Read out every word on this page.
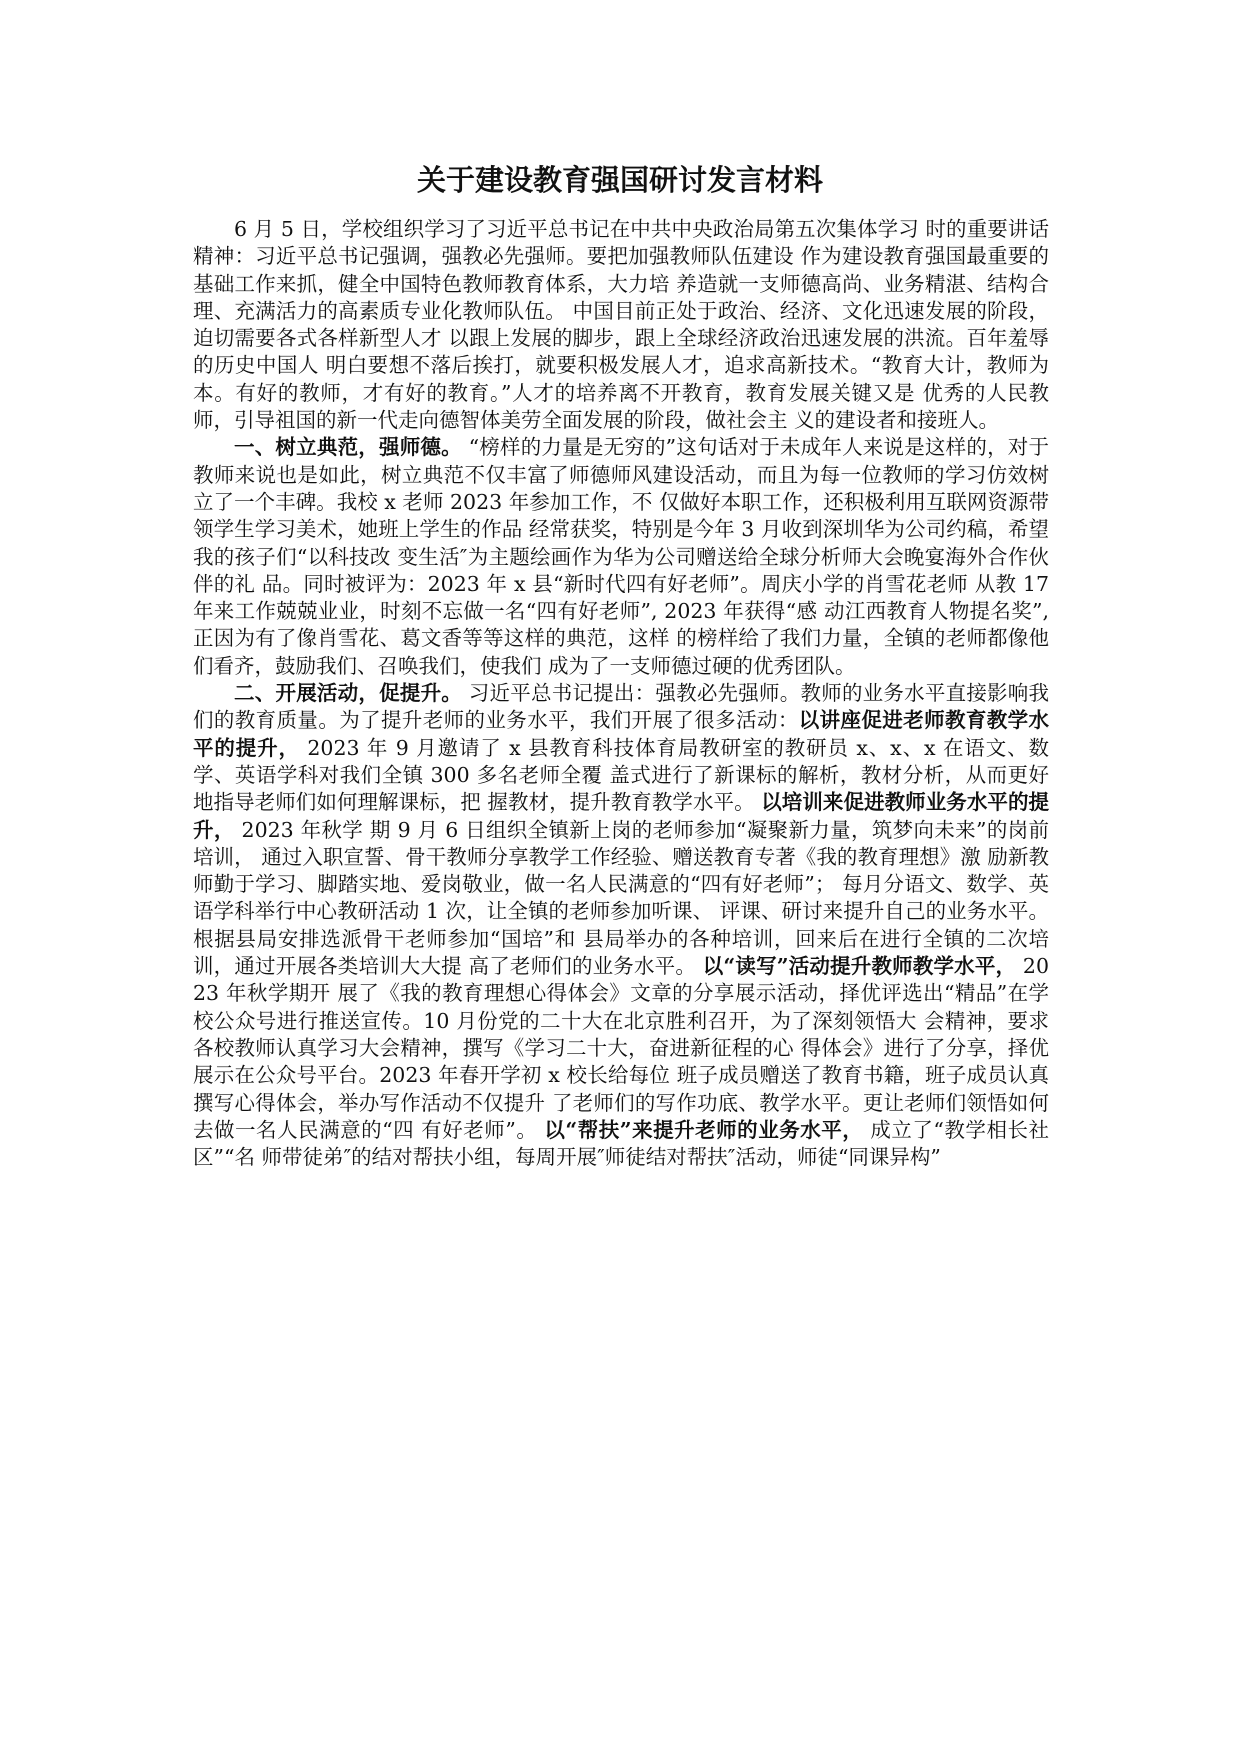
关于建设教育强国研讨发言材料

6 月 5 日，学校组织学习了习近平总书记在中共中央政治局第五次集体学习 时的重要讲话精神：习近平总书记强调，强教必先强师。要把加强教师队伍建设 作为建设教育强国最重要的基础工作来抓，健全中国特色教师教育体系，大力培 养造就一支师德高尚、业务精湛、结构合理、充满活力的高素质专业化教师队伍。 中国目前正处于政治、经济、文化迅速发展的阶段，迫切需要各式各样新型人才 以跟上发展的脚步，跟上全球经济政治迅速发展的洪流。百年羞辱的历史中国人 明白要想不落后挨打，就要积极发展人才，追求高新技术。“教育大计，教师为 本。有好的教师，才有好的教育。”人才的培养离不开教育，教育发展关键又是 优秀的人民教师，引导祖国的新一代走向德智体美劳全面发展的阶段，做社会主 义的建设者和接班人。

一、树立典范，强师德。 “榜样的力量是无穷的”这句话对于未成年人来说是这样的，对于教师来说也是如此，树立典范不仅丰富了师德师风建设活动，而且为每一位教师的学习仿效树立了一个丰碑。我校 x 老师 2023 年参加工作，不 仅做好本职工作，还积极利用互联网资源带领学生学习美术，她班上学生的作品 经常获奖，特别是今年 3 月收到深圳华为公司约稿，希望我的孩子们“以科技改 变生活″为主题绘画作为华为公司赠送给全球分析师大会晚宴海外合作伙伴的礼 品。同时被评为：2023 年 x 县“新时代四有好老师”。周庆小学的肖雪花老师 从教 17 年来工作兢兢业业，时刻不忘做一名“四有好老师”, 2023 年获得“感 动江西教育人物提名奖”, 正因为有了像肖雪花、葛文香等等这样的典范，这样 的榜样给了我们力量，全镇的老师都像他们看齐，鼓励我们、召唤我们，使我们 成为了一支师德过硬的优秀团队。

二、开展活动，促提升。 习近平总书记提出：强教必先强师。教师的业务水平直接影响我们的教育质量。为了提升老师的业务水平，我们开展了很多活动：以讲座促进老师教育教学水平的提升， 2023 年 9 月邀请了 x 县教育科技体育局教研室的教研员 x、x、x 在语文、数学、英语学科对我们全镇 300 多名老师全覆 盖式进行了新课标的解析，教材分析，从而更好地指导老师们如何理解课标，把 握教材，提升教育教学水平。 以培训来促进教师业务水平的提升， 2023 年秋学 期 9 月 6 日组织全镇新上岗的老师参加“凝聚新力量，筑梦向未来”的岗前培训， 通过入职宣誓、骨干教师分享教学工作经验、赠送教育专著《我的教育理想》激 励新教师勤于学习、脚踏实地、爱岗敬业，做一名人民满意的“四有好老师”； 每月分语文、数学、英语学科举行中心教研活动 1 次，让全镇的老师参加听课、 评课、研讨来提升自己的业务水平。根据县局安排选派骨干老师参加“国培”和 县局举办的各种培训，回来后在进行全镇的二次培训，通过开展各类培训大大提 高了老师们的业务水平。 以“读写”活动提升教师教学水平， 2023 年秋学期开 展了《我的教育理想心得体会》文章的分享展示活动，择优评选出“精品”在学 校公众号进行推送宣传。10 月份党的二十大在北京胜利召开，为了深刻领悟大 会精神，要求各校教师认真学习大会精神，撰写《学习二十大，奋进新征程的心 得体会》进行了分享，择优展示在公众号平台。2023 年春开学初 x 校长给每位 班子成员赠送了教育书籍，班子成员认真撰写心得体会，举办写作活动不仅提升 了老师们的写作功底、教学水平。更让老师们领悟如何去做一名人民满意的“四 有好老师”。 以“帮扶”来提升老师的业务水平， 成立了“教学相长社区”“名 师带徒弟″的结对帮扶小组，每周开展″师徒结对帮扶″活动，师徒“同课异构”
